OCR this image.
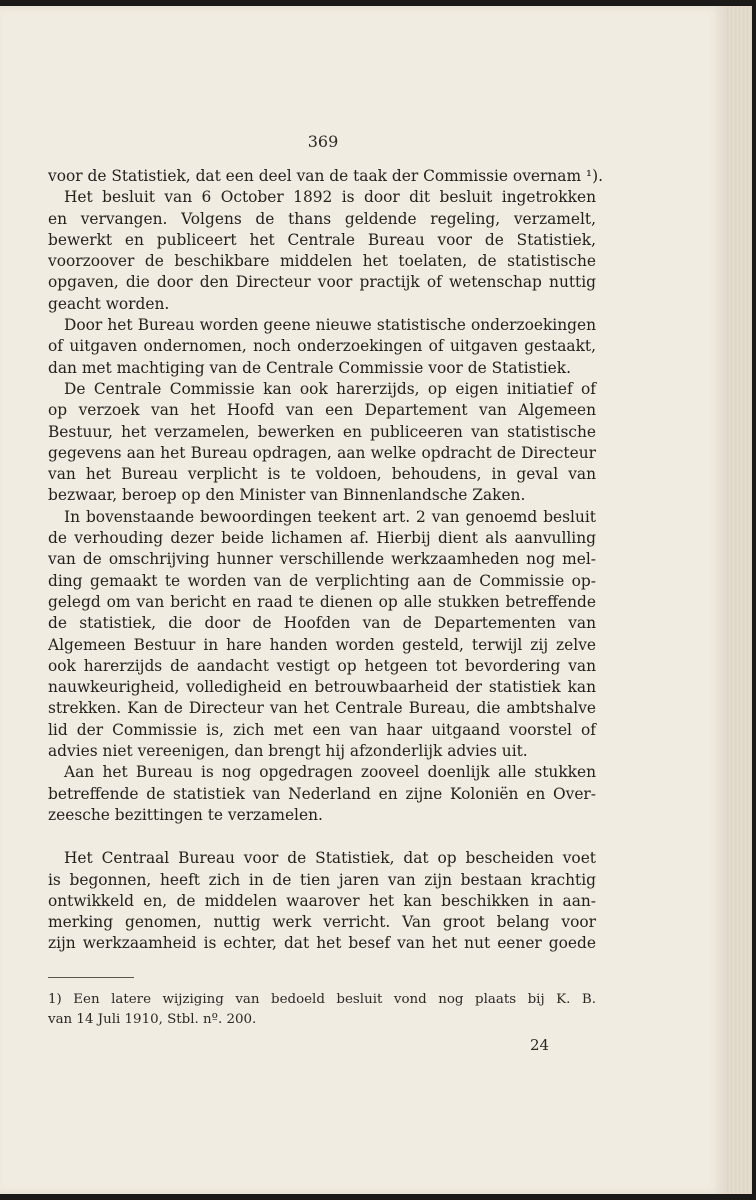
369
voor de Statistiek, dat een deel van de taak der Commissie overnam ¹).
Het besluit van 6 October 1892 is door dit besluit ingetrokken
en vervangen. Volgens de thans geldende regeling, verzamelt,
bewerkt en publiceert het Centrale Bureau voor de Statistiek,
voorzoover de beschikbare middelen het toelaten, de statistische
opgaven, die door den Directeur voor practijk of wetenschap nuttig
geacht worden.
Door het Bureau worden geene nieuwe statistische onderzoekingen
of uitgaven ondernomen, noch onderzoekingen of uitgaven gestaakt,
dan met machtiging van de Centrale Commissie voor de Statistiek.
De Centrale Commissie kan ook harerzijds, op eigen initiatief of
op verzoek van het Hoofd van een Departement van Algemeen
Bestuur, het verzamelen, bewerken en publiceeren van statistische
gegevens aan het Bureau opdragen, aan welke opdracht de Directeur
van het Bureau verplicht is te voldoen, behoudens, in geval van
bezwaar, beroep op den Minister van Binnenlandsche Zaken.
In bovenstaande bewoordingen teekent art. 2 van genoemd besluit
de verhouding dezer beide lichamen af. Hierbij dient als aanvulling
van de omschrijving hunner verschillende werkzaamheden nog mel-
ding gemaakt te worden van de verplichting aan de Commissie op-
gelegd om van bericht en raad te dienen op alle stukken betreffende
de statistiek, die door de Hoofden van de Departementen van
Algemeen Bestuur in hare handen worden gesteld, terwijl zij zelve
ook harerzijds de aandacht vestigt op hetgeen tot bevordering van
nauwkeurigheid, volledigheid en betrouwbaarheid der statistiek kan
strekken. Kan de Directeur van het Centrale Bureau, die ambtshalve
lid der Commissie is, zich met een van haar uitgaand voorstel of
advies niet vereenigen, dan brengt hij afzonderlijk advies uit.
Aan het Bureau is nog opgedragen zooveel doenlijk alle stukken
betreffende de statistiek van Nederland en zijne Koloniën en Over-
zeesche bezittingen te verzamelen.
Het Centraal Bureau voor de Statistiek, dat op bescheiden voet
is begonnen, heeft zich in de tien jaren van zijn bestaan krachtig
ontwikkeld en, de middelen waarover het kan beschikken in aan-
merking genomen, nuttig werk verricht. Van groot belang voor
zijn werkzaamheid is echter, dat het besef van het nut eener goede
1) Een latere wijziging van bedoeld besluit vond nog plaats bij K. B.
van 14 Juli 1910, Stbl. nº. 200.
24
